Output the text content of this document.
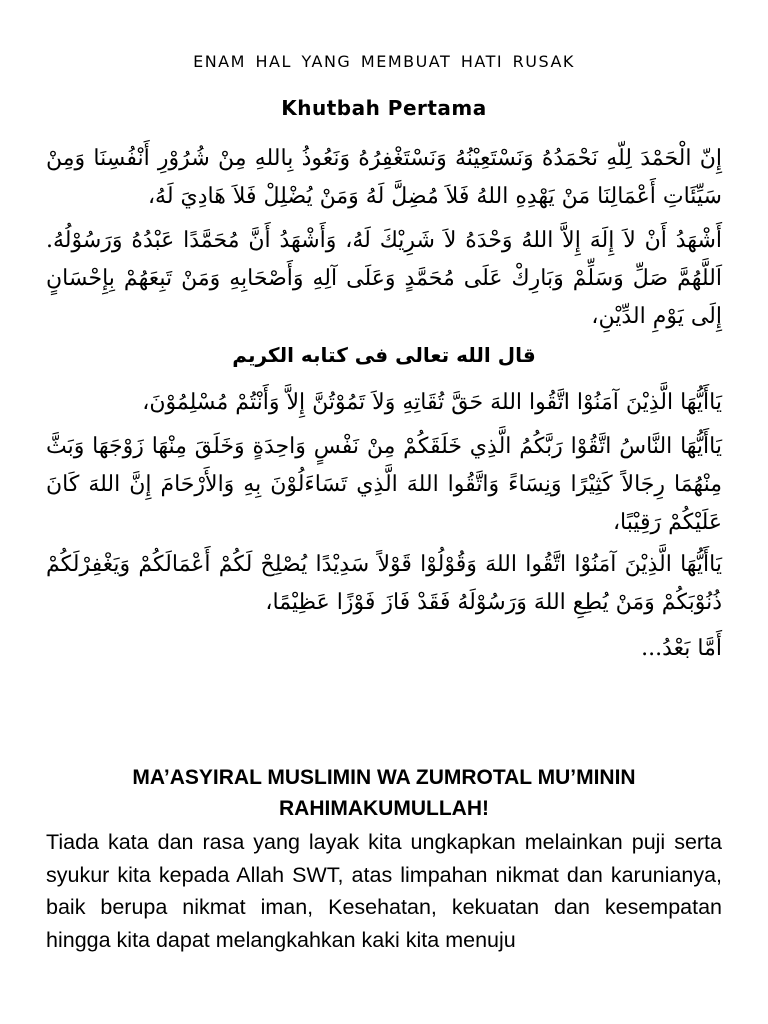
ENAM HAL YANG MEMBUAT HATI RUSAK
Khutbah Pertama
إِنّ الْحَمْدَ لِلّهِ نَحْمَدُهُ وَنَسْتَعِيْنُهُ وَنَسْتَغْفِرُهُ وَنَعُوذُ بِاللهِ مِنْ شُرُوْرِ أَنْفُسِنَا وَمِنْ سَيِّئَاتِ أَعْمَالِنَا مَنْ يَهْدِهِ اللهُ فَلاَ مُضِلَّ لَهُ وَمَنْ يُضْلِلْ فَلاَ هَادِيَ لَهُ،
أَشْهَدُ أَنْ لاَ إِلَهَ إِلاَّ اللهُ وَحْدَهُ لاَ شَرِيْكَ لَهُ، وَأَشْهَدُ أَنَّ مُحَمَّدًا عَبْدُهُ وَرَسُوْلُهُ. اَللَّهُمَّ صَلِّ وَسَلِّمْ وَبَارِكْ عَلَى مُحَمَّدٍ وَعَلَى آلِهِ وَأَصْحَابِهِ وَمَنْ تَبِعَهُمْ بِإِحْسَانٍ إِلَى يَوْمِ الدِّيْنِ،
قال الله تعالى فى كتابه الكريم
يَاأَيُّهَا الَّذِيْنَ آمَنُوْا اتَّقُوا اللهَ حَقَّ تُقَاتِهِ وَلاَ تَمُوْتُنَّ إِلاَّ وَأَنْتُمْ مُسْلِمُوْنَ،
يَاأَيُّهَا النَّاسُ اتَّقُوْا رَبَّكُمُ الَّذِي خَلَقَكُمْ مِنْ نَفْسٍ وَاحِدَةٍ وَخَلَقَ مِنْهَا زَوْجَهَا وَبَثَّ مِنْهُمَا رِجَالاً كَثِيْرًا وَنِسَاءً وَاتَّقُوا اللهَ الَّذِي تَسَاءَلُوْنَ بِهِ وَالأَرْحَامَ إِنَّ اللهَ كَانَ عَلَيْكُمْ رَقِيْبًا،
يَاأَيُّهَا الَّذِيْنَ آمَنُوْا اتَّقُوا اللهَ وَقُوْلُوْا قَوْلاً سَدِيْدًا يُصْلِحْ لَكُمْ أَعْمَالَكُمْ وَيَغْفِرْلَكُمْ ذُنُوْبَكُمْ وَمَنْ يُطِعِ اللهَ وَرَسُوْلَهُ فَقَدْ فَازَ فَوْزًا عَظِيْمًا،
أَمَّا بَعْدُ...
MA’ASYIRAL MUSLIMIN WA ZUMROTAL MU’MININ RAHIMAKUMULLAH!
Tiada kata dan rasa yang layak kita ungkapkan melainkan puji serta syukur kita kepada Allah SWT, atas limpahan nikmat dan karunianya, baik berupa nikmat iman, Kesehatan, kekuatan dan kesempatan hingga kita dapat melangkahkan kaki kita menuju
